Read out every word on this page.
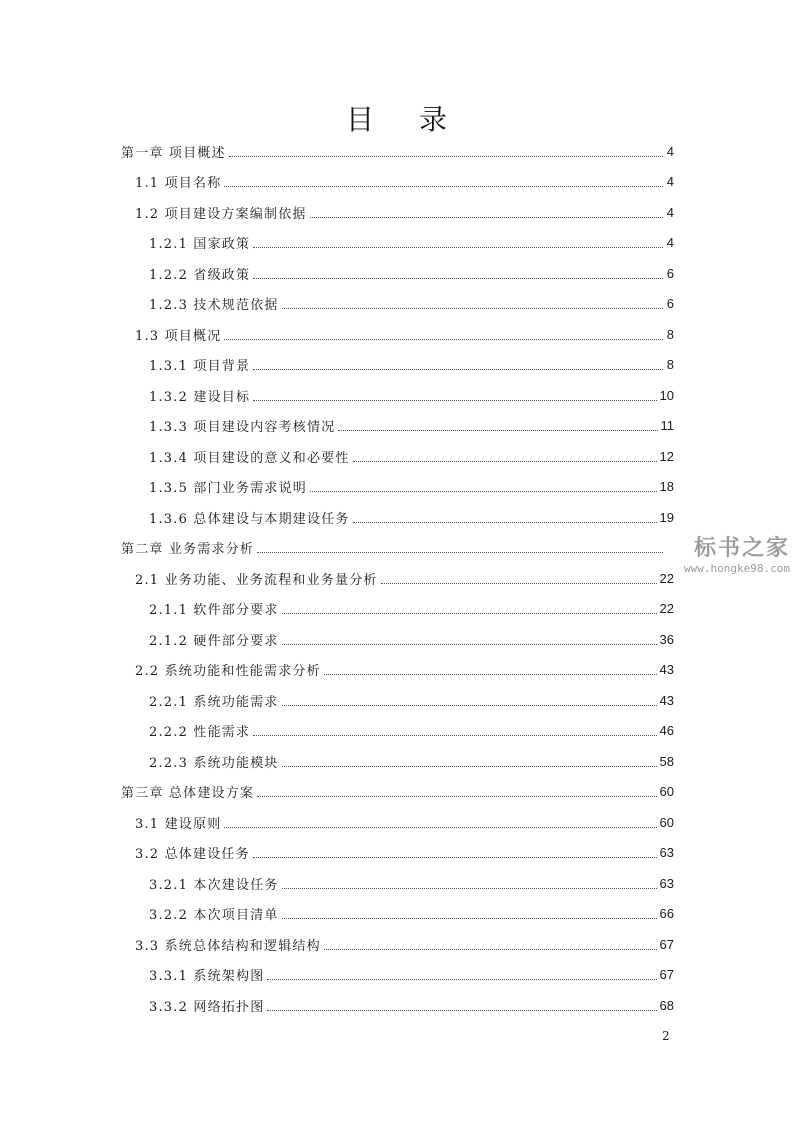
目 录
第一章 项目概述	4
1.1 项目名称	4
1.2 项目建设方案编制依据	4
1.2.1 国家政策	4
1.2.2 省级政策	6
1.2.3 技术规范依据	6
1.3 项目概况	8
1.3.1 项目背景	8
1.3.2 建设目标	10
1.3.3 项目建设内容考核情况	11
1.3.4 项目建设的意义和必要性	12
1.3.5 部门业务需求说明	18
1.3.6 总体建设与本期建设任务	19
第二章 业务需求分析
2.1 业务功能、业务流程和业务量分析	22
2.1.1 软件部分要求	22
2.1.2 硬件部分要求	36
2.2 系统功能和性能需求分析	43
2.2.1 系统功能需求	43
2.2.2 性能需求	46
2.2.3 系统功能模块	58
第三章 总体建设方案	60
3.1 建设原则	60
3.2 总体建设任务	63
3.2.1 本次建设任务	63
3.2.2 本次项目清单	66
3.3 系统总体结构和逻辑结构	67
3.3.1 系统架构图	67
3.3.2 网络拓扑图	68
2
标书之家
www.hongke98.com
